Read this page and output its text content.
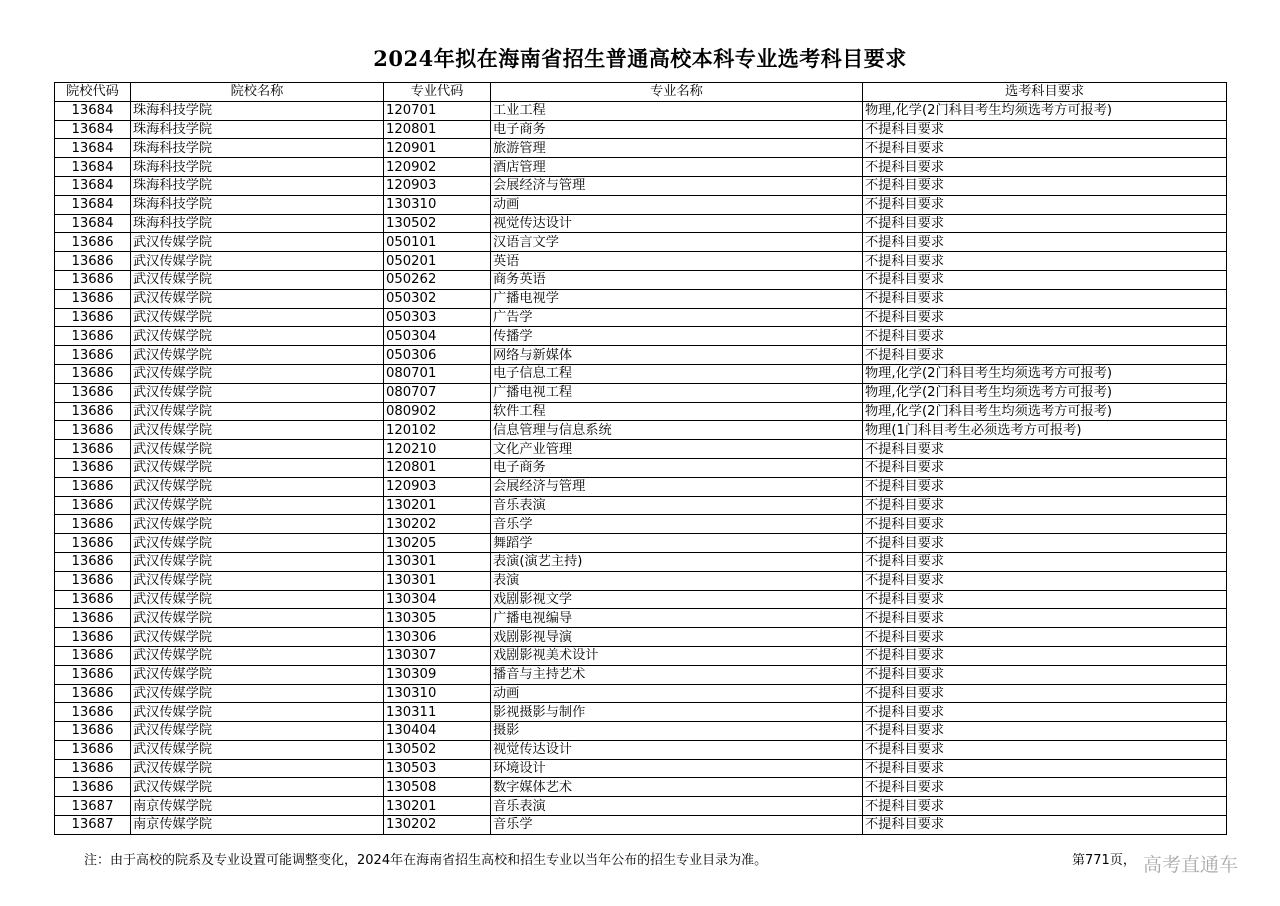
2024年拟在海南省招生普通高校本科专业选考科目要求
院校代码	院校名称	专业代码	专业名称	选考科目要求
13684	珠海科技学院	120701	工业工程	物理,化学(2门科目考生均须选考方可报考)
13684	珠海科技学院	120801	电子商务	不提科目要求
13684	珠海科技学院	120901	旅游管理	不提科目要求
13684	珠海科技学院	120902	酒店管理	不提科目要求
13684	珠海科技学院	120903	会展经济与管理	不提科目要求
13684	珠海科技学院	130310	动画	不提科目要求
13684	珠海科技学院	130502	视觉传达设计	不提科目要求
13686	武汉传媒学院	050101	汉语言文学	不提科目要求
13686	武汉传媒学院	050201	英语	不提科目要求
13686	武汉传媒学院	050262	商务英语	不提科目要求
13686	武汉传媒学院	050302	广播电视学	不提科目要求
13686	武汉传媒学院	050303	广告学	不提科目要求
13686	武汉传媒学院	050304	传播学	不提科目要求
13686	武汉传媒学院	050306	网络与新媒体	不提科目要求
13686	武汉传媒学院	080701	电子信息工程	物理,化学(2门科目考生均须选考方可报考)
13686	武汉传媒学院	080707	广播电视工程	物理,化学(2门科目考生均须选考方可报考)
13686	武汉传媒学院	080902	软件工程	物理,化学(2门科目考生均须选考方可报考)
13686	武汉传媒学院	120102	信息管理与信息系统	物理(1门科目考生必须选考方可报考)
13686	武汉传媒学院	120210	文化产业管理	不提科目要求
13686	武汉传媒学院	120801	电子商务	不提科目要求
13686	武汉传媒学院	120903	会展经济与管理	不提科目要求
13686	武汉传媒学院	130201	音乐表演	不提科目要求
13686	武汉传媒学院	130202	音乐学	不提科目要求
13686	武汉传媒学院	130205	舞蹈学	不提科目要求
13686	武汉传媒学院	130301	表演(演艺主持)	不提科目要求
13686	武汉传媒学院	130301	表演	不提科目要求
13686	武汉传媒学院	130304	戏剧影视文学	不提科目要求
13686	武汉传媒学院	130305	广播电视编导	不提科目要求
13686	武汉传媒学院	130306	戏剧影视导演	不提科目要求
13686	武汉传媒学院	130307	戏剧影视美术设计	不提科目要求
13686	武汉传媒学院	130309	播音与主持艺术	不提科目要求
13686	武汉传媒学院	130310	动画	不提科目要求
13686	武汉传媒学院	130311	影视摄影与制作	不提科目要求
13686	武汉传媒学院	130404	摄影	不提科目要求
13686	武汉传媒学院	130502	视觉传达设计	不提科目要求
13686	武汉传媒学院	130503	环境设计	不提科目要求
13686	武汉传媒学院	130508	数字媒体艺术	不提科目要求
13687	南京传媒学院	130201	音乐表演	不提科目要求
13687	南京传媒学院	130202	音乐学	不提科目要求
注：由于高校的院系及专业设置可能调整变化，2024年在海南省招生高校和招生专业以当年公布的招生专业目录为准。	第771页， 高考直通车
